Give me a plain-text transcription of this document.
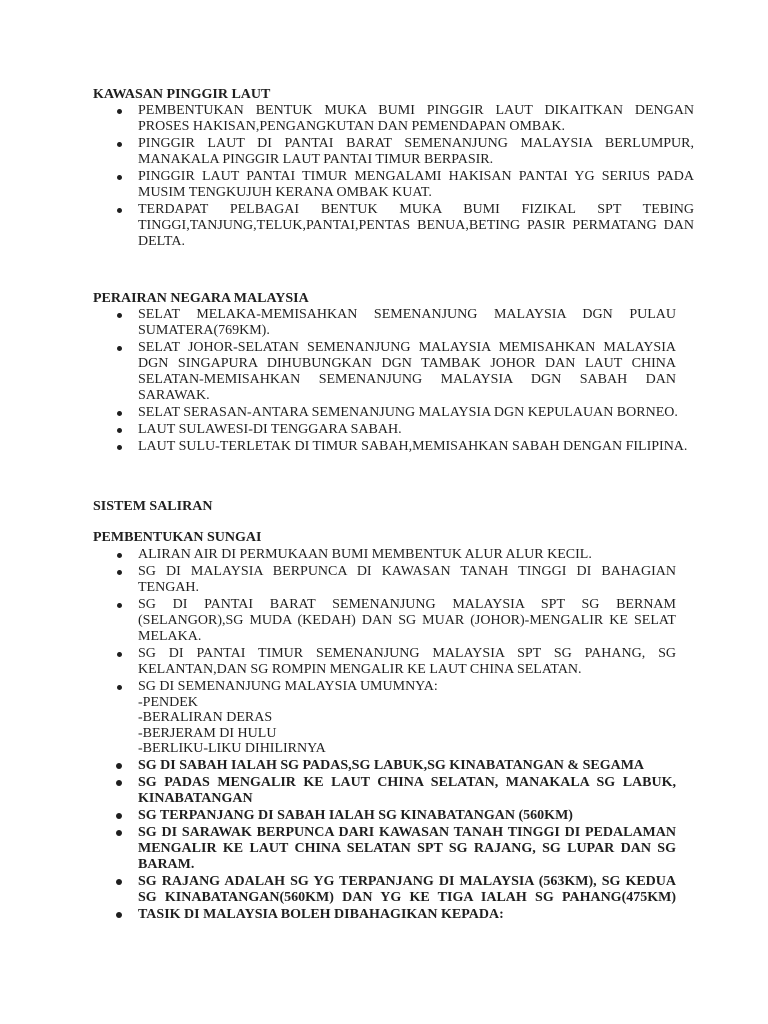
KAWASAN PINGGIR LAUT
PEMBENTUKAN BENTUK MUKA BUMI PINGGIR LAUT DIKAITKAN DENGAN
PROSES HAKISAN,PENGANGKUTAN DAN PEMENDAPAN OMBAK.
PINGGIR LAUT DI PANTAI BARAT SEMENANJUNG MALAYSIA BERLUMPUR,
MANAKALA PINGGIR LAUT PANTAI TIMUR BERPASIR.
PINGGIR LAUT PANTAI TIMUR MENGALAMI HAKISAN PANTAI YG SERIUS PADA
MUSIM TENGKUJUH KERANA OMBAK KUAT.
TERDAPAT PELBAGAI BENTUK MUKA BUMI FIZIKAL SPT TEBING
TINGGI,TANJUNG,TELUK,PANTAI,PENTAS BENUA,BETING PASIR PERMATANG DAN
DELTA.
PERAIRAN NEGARA MALAYSIA
SELAT MELAKA-MEMISAHKAN SEMENANJUNG MALAYSIA DGN PULAU
SUMATERA(769KM).
SELAT JOHOR-SELATAN SEMENANJUNG MALAYSIA MEMISAHKAN MALAYSIA
DGN SINGAPURA DIHUBUNGKAN DGN TAMBAK JOHOR DAN LAUT CHINA
SELATAN-MEMISAHKAN SEMENANJUNG MALAYSIA DGN SABAH DAN
SARAWAK.
SELAT SERASAN-ANTARA SEMENANJUNG MALAYSIA DGN KEPULAUAN BORNEO.
LAUT SULAWESI-DI TENGGARA SABAH.
LAUT SULU-TERLETAK DI TIMUR SABAH,MEMISAHKAN SABAH DENGAN FILIPINA.
SISTEM SALIRAN
PEMBENTUKAN SUNGAI
ALIRAN AIR DI PERMUKAAN BUMI MEMBENTUK ALUR ALUR KECIL.
SG DI MALAYSIA BERPUNCA DI KAWASAN TANAH TINGGI DI BAHAGIAN
TENGAH.
SG DI PANTAI BARAT SEMENANJUNG MALAYSIA SPT SG BERNAM
(SELANGOR),SG MUDA (KEDAH) DAN SG MUAR (JOHOR)-MENGALIR KE SELAT
MELAKA.
SG DI PANTAI TIMUR SEMENANJUNG MALAYSIA SPT SG PAHANG, SG
KELANTAN,DAN SG ROMPIN MENGALIR KE LAUT CHINA SELATAN.
SG DI SEMENANJUNG MALAYSIA UMUMNYA:
-PENDEK
-BERALIRAN DERAS
-BERJERAM DI HULU
-BERLIKU-LIKU DIHILIRNYA
SG DI SABAH IALAH SG PADAS,SG LABUK,SG KINABATANGAN & SEGAMA
SG PADAS MENGALIR KE LAUT CHINA SELATAN, MANAKALA SG LABUK,
KINABATANGAN
SG TERPANJANG DI SABAH IALAH SG KINABATANGAN (560KM)
SG DI SARAWAK BERPUNCA DARI KAWASAN TANAH TINGGI DI PEDALAMAN
MENGALIR KE LAUT CHINA SELATAN SPT SG RAJANG, SG LUPAR DAN SG
BARAM.
SG RAJANG ADALAH SG YG TERPANJANG DI MALAYSIA (563KM), SG KEDUA
SG KINABATANGAN(560KM) DAN YG KE TIGA IALAH SG PAHANG(475KM)
TASIK DI MALAYSIA BOLEH DIBAHAGIKAN KEPADA:
